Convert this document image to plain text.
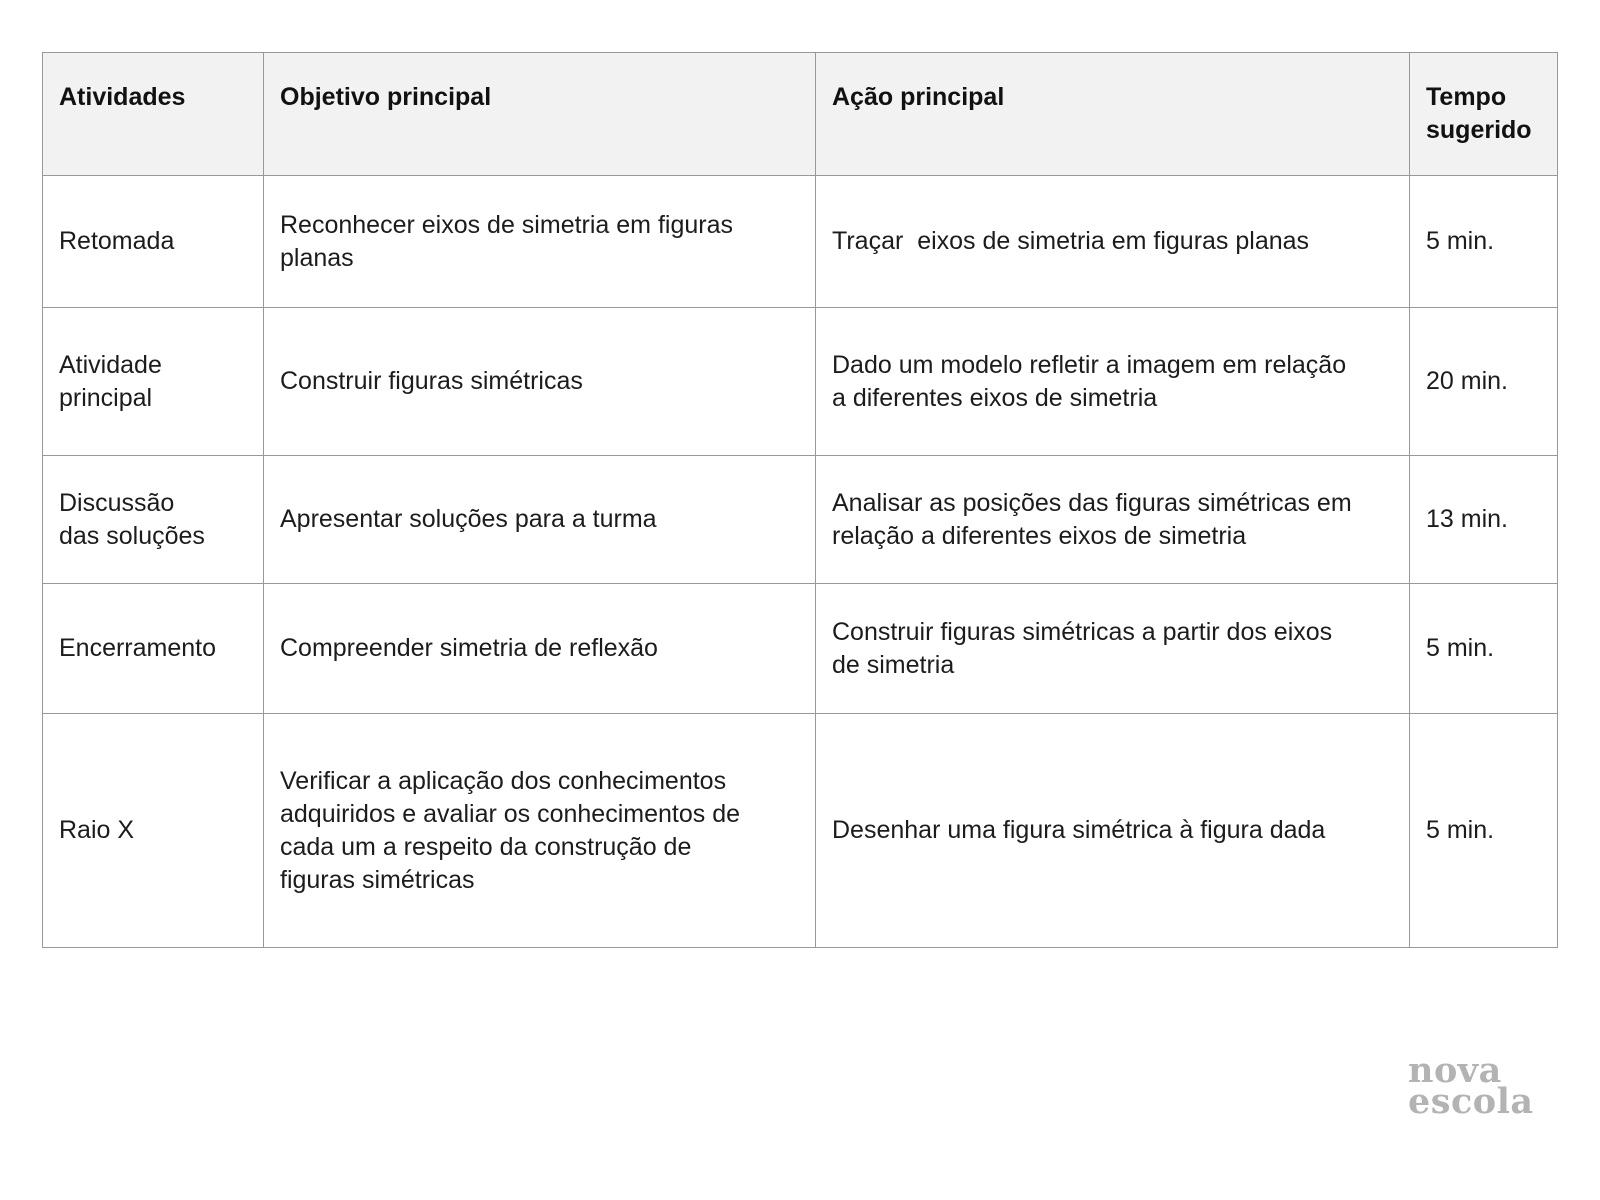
Atividades	Objetivo principal	Ação principal	Tempo sugerido
Retomada	Reconhecer eixos de simetria em figuras planas	Traçar  eixos de simetria em figuras planas	5 min.
Atividade principal	Construir figuras simétricas	Dado um modelo refletir a imagem em relação a diferentes eixos de simetria	20 min.
Discussão das soluções	Apresentar soluções para a turma	Analisar as posições das figuras simétricas em relação a diferentes eixos de simetria	13 min.
Encerramento	Compreender simetria de reflexão	Construir figuras simétricas a partir dos eixos de simetria	5 min.
Raio X	Verificar a aplicação dos conhecimentos adquiridos e avaliar os conhecimentos de cada um a respeito da construção de figuras simétricas	Desenhar uma figura simétrica à figura dada	5 min.
nova
escola
